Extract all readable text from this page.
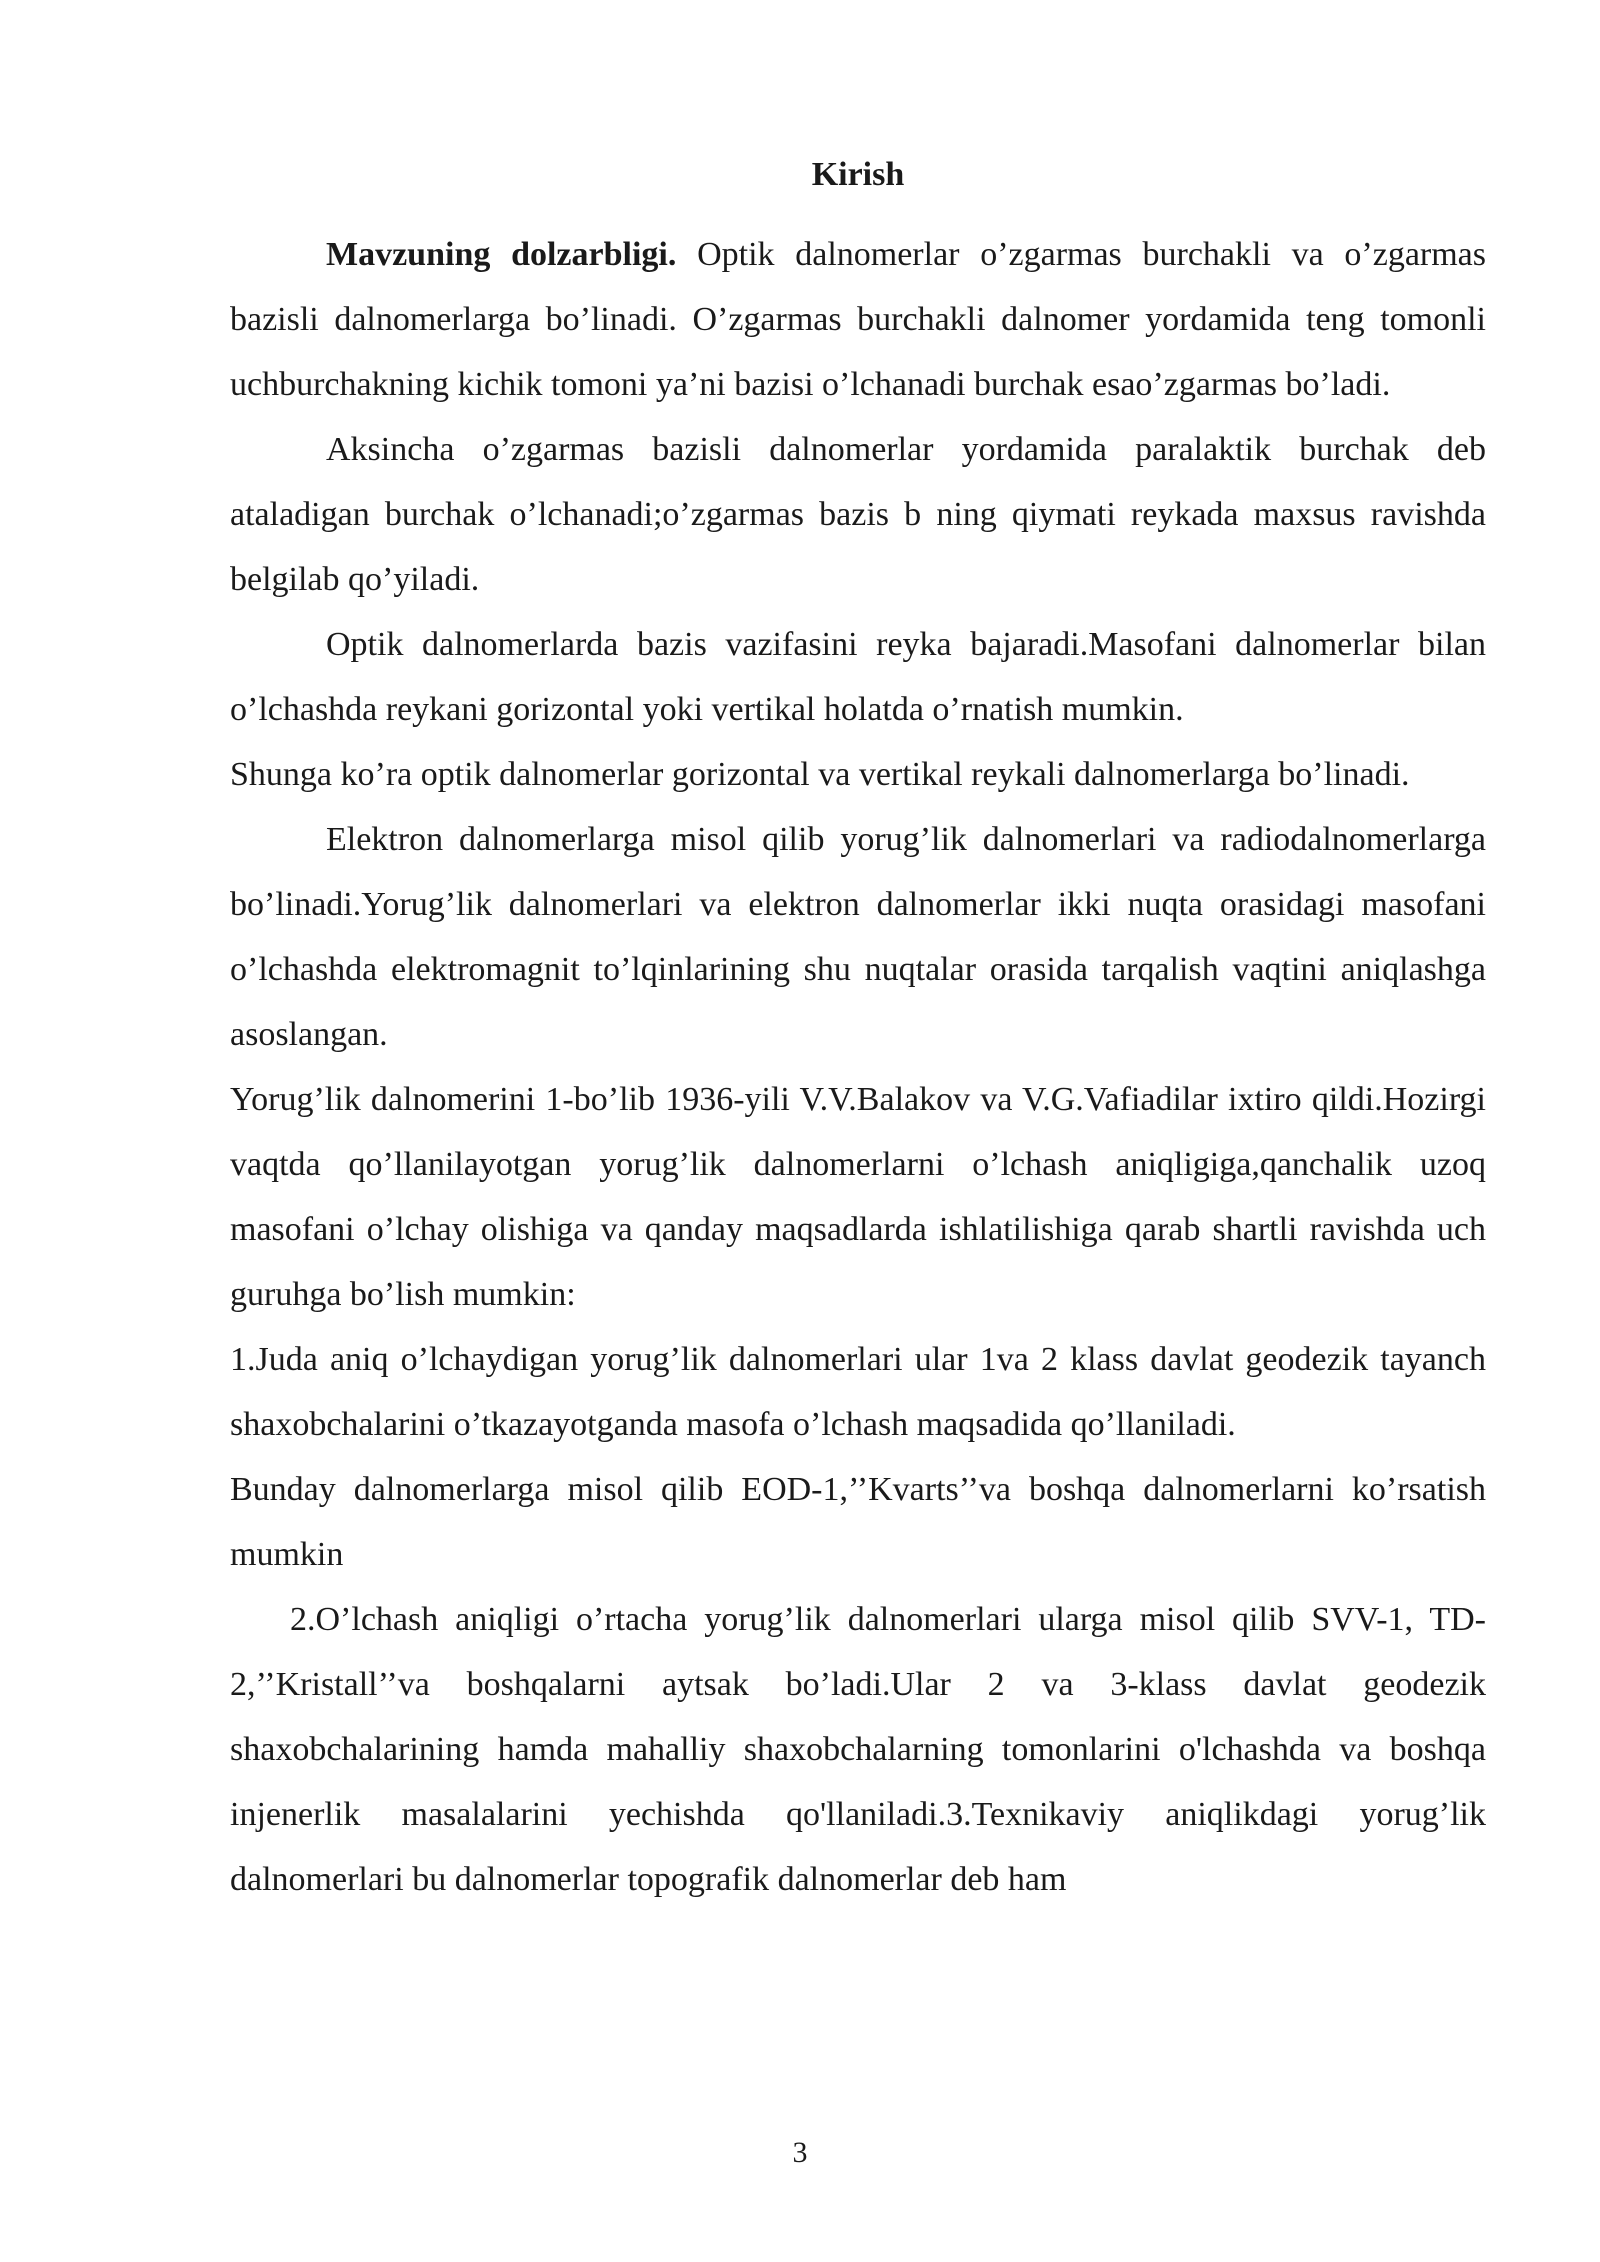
Kirish

Mavzuning dolzarbligi. Optik dalnomerlar o’zgarmas burchakli va o’zgarmas bazisli dalnomerlarga bo’linadi. O’zgarmas burchakli dalnomer yordamida teng tomonli uchburchakning kichik tomoni ya’ni bazisi o’lchanadi burchak esao’zgarmas bo’ladi.

Aksincha o’zgarmas bazisli dalnomerlar yordamida paralaktik burchak deb ataladigan burchak o’lchanadi;o’zgarmas bazis b ning qiymati reykada maxsus ravishda belgilab qo’yiladi.

Optik dalnomerlarda bazis vazifasini reyka bajaradi.Masofani dalnomerlar bilan o’lchashda reykani gorizontal yoki vertikal holatda o’rnatish mumkin.

Shunga ko’ra optik dalnomerlar gorizontal va vertikal reykali dalnomerlarga bo’linadi.

Elektron dalnomerlarga misol qilib yorug’lik dalnomerlari va radiodalnomerlarga bo’linadi.Yorug’lik dalnomerlari va elektron dalnomerlar ikki nuqta orasidagi masofani o’lchashda elektromagnit to’lqinlarining shu nuqtalar orasida tarqalish vaqtini aniqlashga asoslangan.

Yorug’lik dalnomerini 1-bo’lib 1936-yili V.V.Balakov va V.G.Vafiadilar ixtiro qildi.Hozirgi vaqtda qo’llanilayotgan yorug’lik dalnomerlarni o’lchash aniqligiga,qanchalik uzoq masofani o’lchay olishiga va qanday maqsadlarda ishlatilishiga qarab shartli ravishda uch guruhga bo’lish mumkin:

1.Juda aniq o’lchaydigan yorug’lik dalnomerlari ular 1va 2 klass davlat geodezik tayanch shaxobchalarini o’tkazayotganda masofa o’lchash maqsadida qo’llaniladi.

Bunday dalnomerlarga misol qilib EOD-1,’’Kvarts’’va boshqa dalnomerlarni ko’rsatish mumkin

2.O’lchash aniqligi o’rtacha yorug’lik dalnomerlari ularga misol qilib SVV-1, TD-2,’’Kristall’’va boshqalarni aytsak bo’ladi.Ular 2 va 3-klass davlat geodezik shaxobchalarining hamda mahalliy shaxobchalarning tomonlarini o'lchashda va boshqa injenerlik masalalarini yechishda qo'llaniladi.3.Texnikaviy aniqlikdagi yorug’lik dalnomerlari bu dalnomerlar topografik dalnomerlar deb ham

3
